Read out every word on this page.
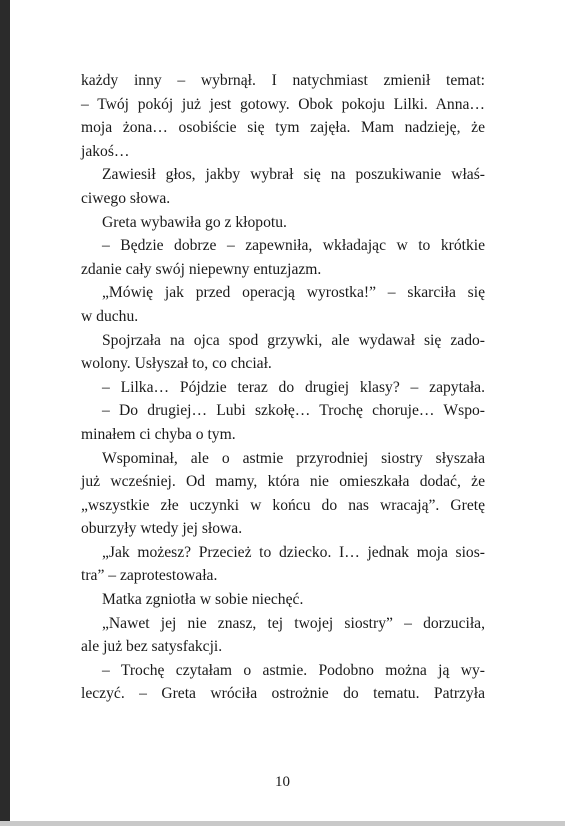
każdy inny – wybrnął. I natychmiast zmienił temat:
– Twój pokój już jest gotowy. Obok pokoju Lilki. Anna…
moja żona… osobiście się tym zajęła. Mam nadzieję, że
jakoś…
Zawiesił głos, jakby wybrał się na poszukiwanie właś-
ciwego słowa.
Greta wybawiła go z kłopotu.
– Będzie dobrze – zapewniła, wkładając w to krótkie
zdanie cały swój niepewny entuzjazm.
„Mówię jak przed operacją wyrostka!” – skarciła się
w duchu.
Spojrzała na ojca spod grzywki, ale wydawał się zado-
wolony. Usłyszał to, co chciał.
– Lilka… Pójdzie teraz do drugiej klasy? – zapytała.
– Do drugiej… Lubi szkołę… Trochę choruje… Wspo-
minałem ci chyba o tym.
Wspominał, ale o astmie przyrodniej siostry słyszała
już wcześniej. Od mamy, która nie omieszkała dodać, że
„wszystkie złe uczynki w końcu do nas wracają”. Gretę
oburzyły wtedy jej słowa.
„Jak możesz? Przecież to dziecko. I… jednak moja sios-
tra” – zaprotestowała.
Matka zgniotła w sobie niechęć.
„Nawet jej nie znasz, tej twojej siostry” – dorzuciła,
ale już bez satysfakcji.
– Trochę czytałam o astmie. Podobno można ją wy-
leczyć. – Greta wróciła ostrożnie do tematu. Patrzyła
10
